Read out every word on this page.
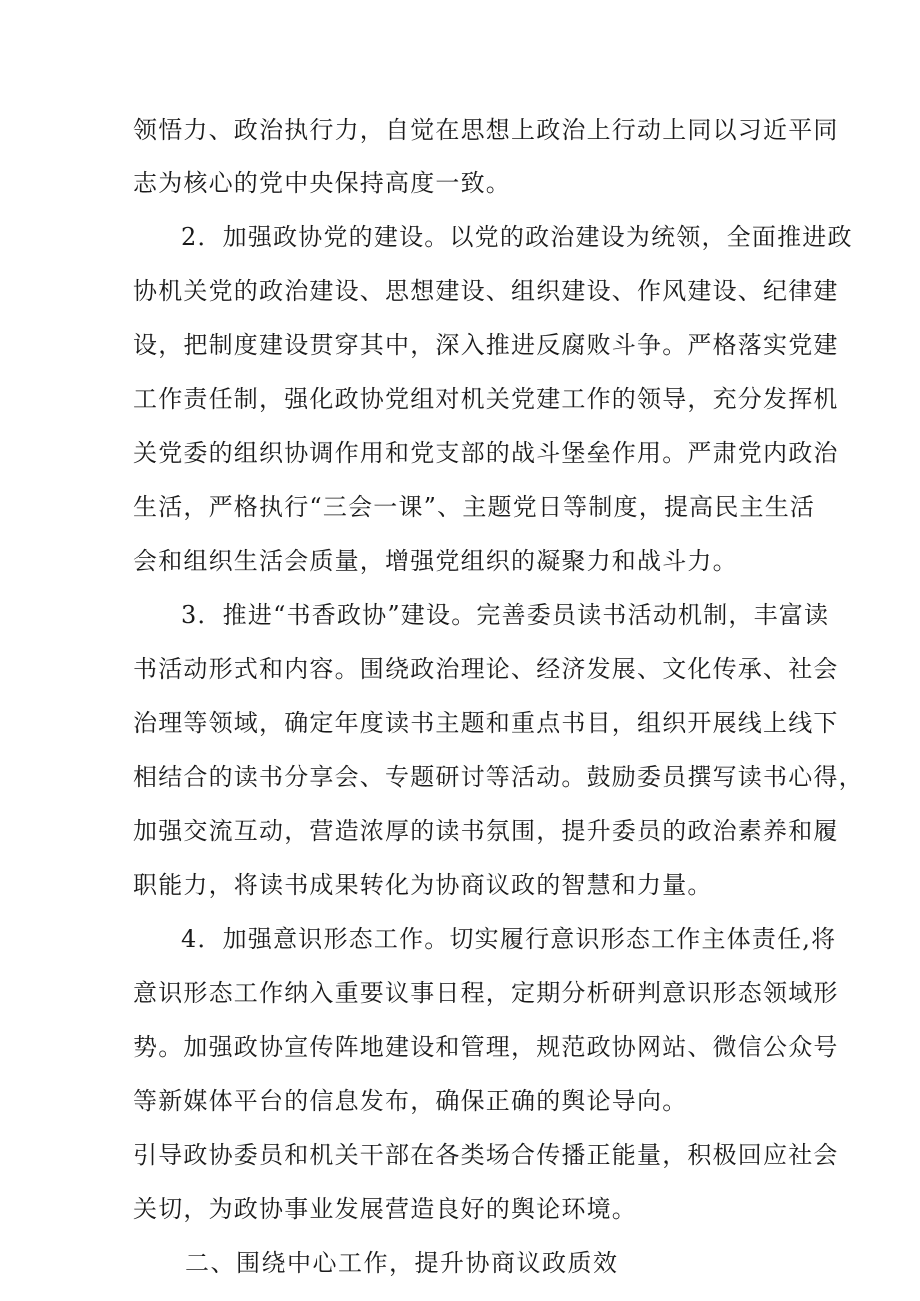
领悟力、政治执行力，自觉在思想上政治上行动上同以习近平同
志为核心的党中央保持高度一致。
2．加强政协党的建设。以党的政治建设为统领，全面推进政
协机关党的政治建设、思想建设、组织建设、作风建设、纪律建
设，把制度建设贯穿其中，深入推进反腐败斗争。严格落实党建
工作责任制，强化政协党组对机关党建工作的领导，充分发挥机
关党委的组织协调作用和党支部的战斗堡垒作用。严肃党内政治
生活，严格执行“三会一课”、主题党日等制度，提高民主生活
会和组织生活会质量，增强党组织的凝聚力和战斗力。
3．推进“书香政协”建设。完善委员读书活动机制，丰富读
书活动形式和内容。围绕政治理论、经济发展、文化传承、社会
治理等领域，确定年度读书主题和重点书目，组织开展线上线下
相结合的读书分享会、专题研讨等活动。鼓励委员撰写读书心得，
加强交流互动，营造浓厚的读书氛围，提升委员的政治素养和履
职能力，将读书成果转化为协商议政的智慧和力量。
4．加强意识形态工作。切实履行意识形态工作主体责任,将
意识形态工作纳入重要议事日程，定期分析研判意识形态领域形
势。加强政协宣传阵地建设和管理，规范政协网站、微信公众号
等新媒体平台的信息发布，确保正确的舆论导向。
引导政协委员和机关干部在各类场合传播正能量，积极回应社会
关切，为政协事业发展营造良好的舆论环境。
二、围绕中心工作，提升协商议政质效
